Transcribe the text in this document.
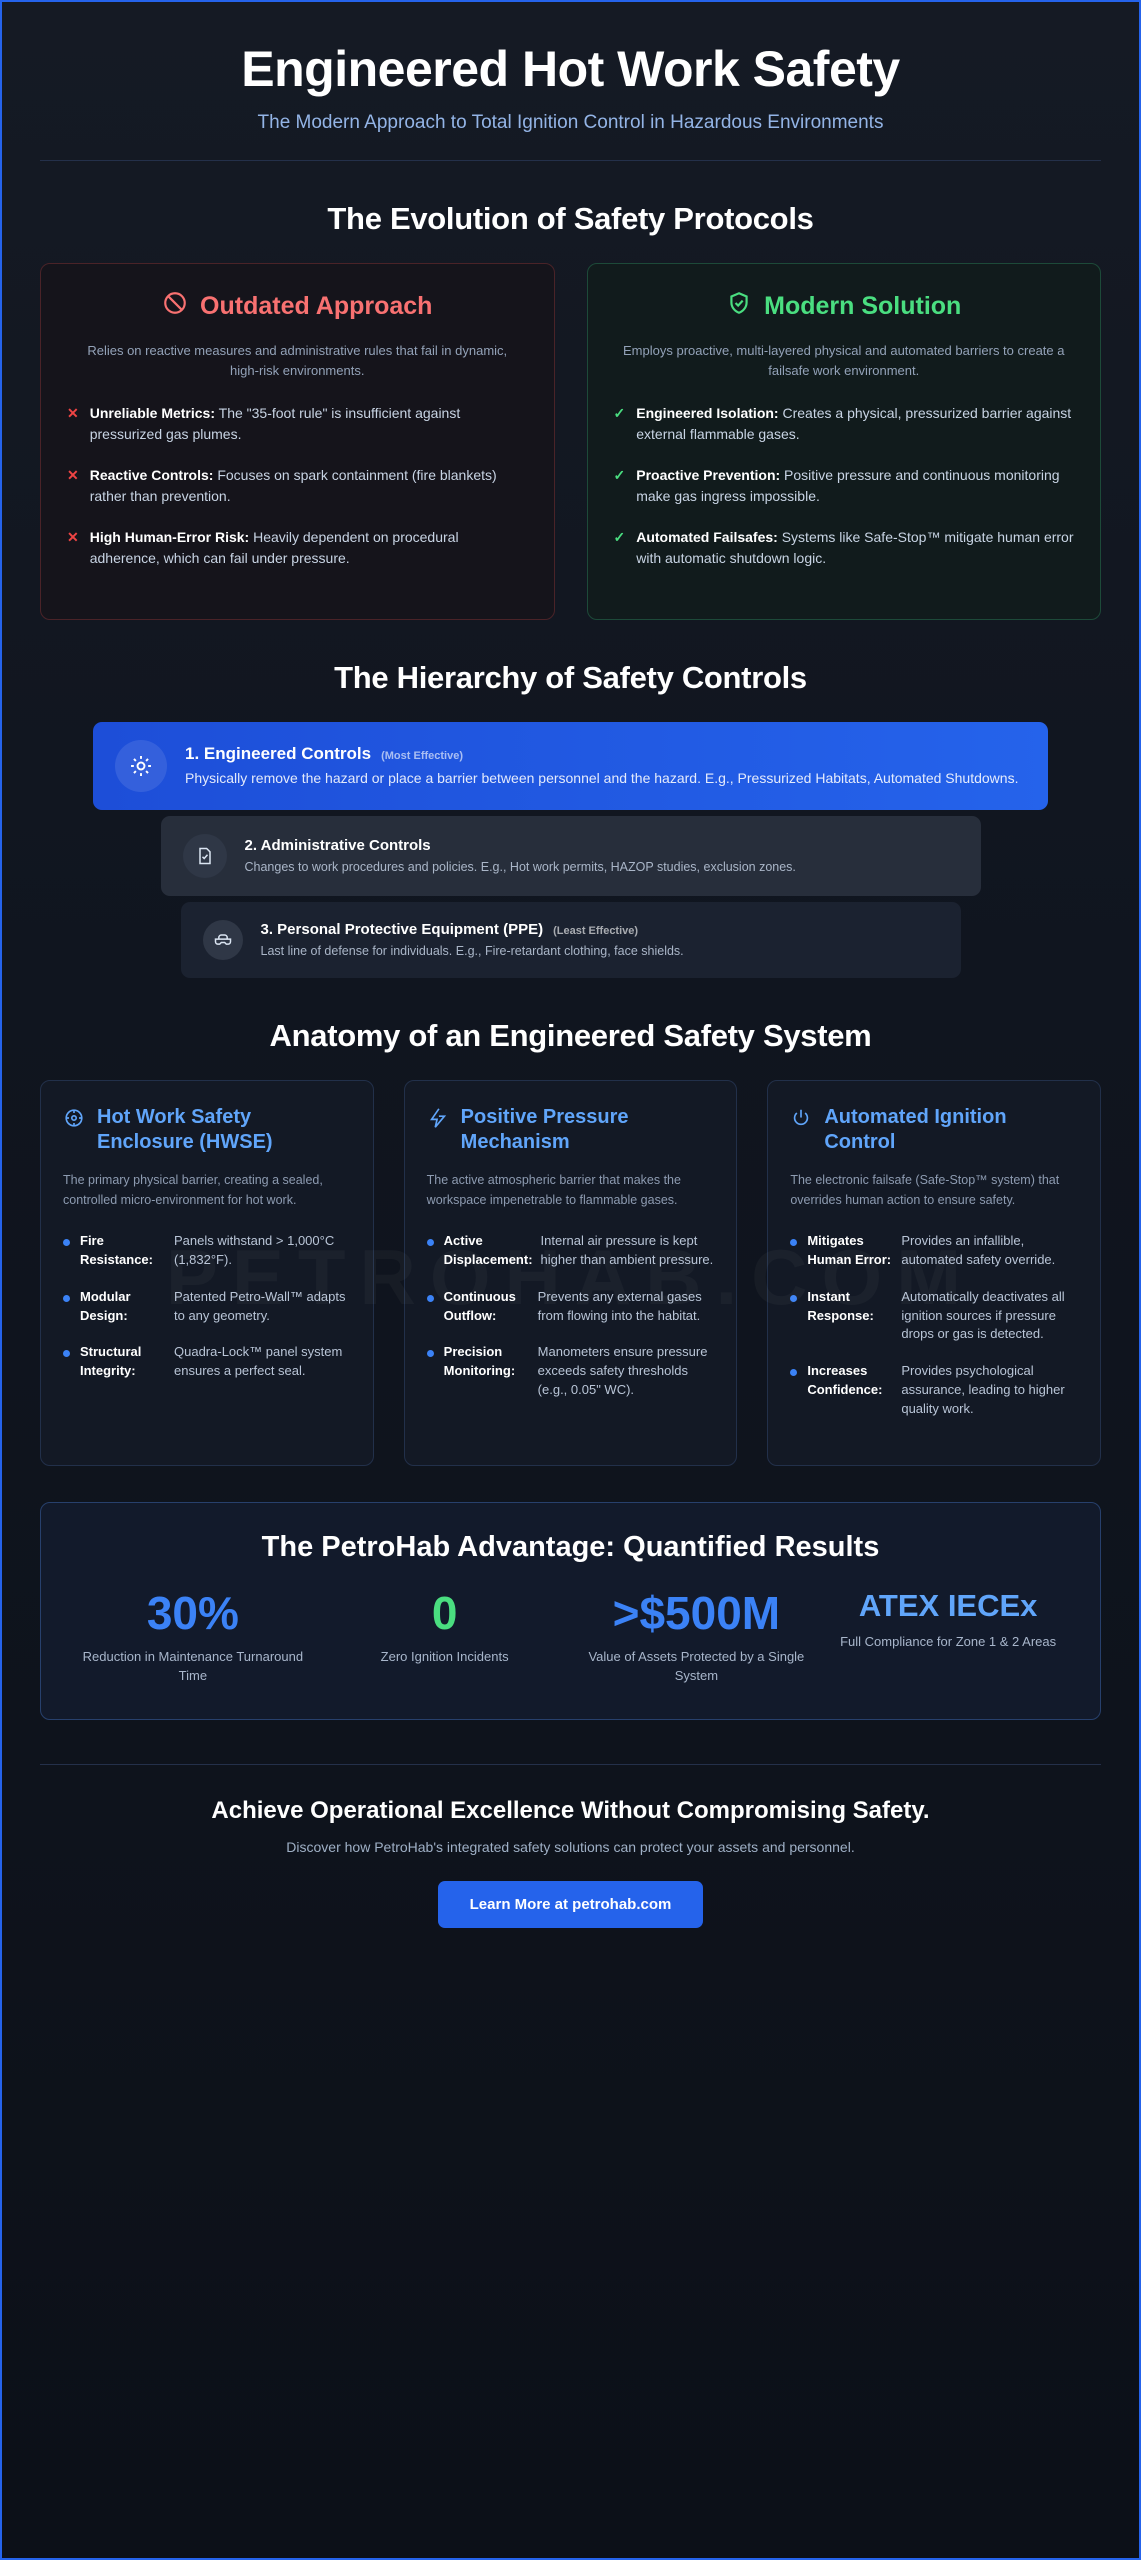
Engineered Hot Work Safety
The Modern Approach to Total Ignition Control in Hazardous Environments
The Evolution of Safety Protocols
Outdated Approach
Relies on reactive measures and administrative rules that fail in dynamic, high-risk environments.
✕ Unreliable Metrics: The "35-foot rule" is insufficient against pressurized gas plumes.
✕ Reactive Controls: Focuses on spark containment (fire blankets) rather than prevention.
✕ High Human-Error Risk: Heavily dependent on procedural adherence, which can fail under pressure.
Modern Solution
Employs proactive, multi-layered physical and automated barriers to create a failsafe work environment.
✓ Engineered Isolation: Creates a physical, pressurized barrier against external flammable gases.
✓ Proactive Prevention: Positive pressure and continuous monitoring make gas ingress impossible.
✓ Automated Failsafes: Systems like Safe-Stop™ mitigate human error with automatic shutdown logic.
The Hierarchy of Safety Controls
1. Engineered Controls (Most Effective)
Physically remove the hazard or place a barrier between personnel and the hazard. E.g., Pressurized Habitats, Automated Shutdowns.
2. Administrative Controls
Changes to work procedures and policies. E.g., Hot work permits, HAZOP studies, exclusion zones.
3. Personal Protective Equipment (PPE) (Least Effective)
Last line of defense for individuals. E.g., Fire-retardant clothing, face shields.
Anatomy of an Engineered Safety System
Hot Work Safety Enclosure (HWSE)
The primary physical barrier, creating a sealed, controlled micro-environment for hot work.
Fire Resistance:
Panels withstand > 1,000°C (1,832°F).
Modular Design:
Patented Petro-Wall™ adapts to any geometry.
Structural Integrity:
Quadra-Lock™ panel system ensures a perfect seal.
Positive Pressure Mechanism
The active atmospheric barrier that makes the workspace impenetrable to flammable gases.
Active Displacement:
Internal air pressure is kept higher than ambient pressure.
Continuous Outflow:
Prevents any external gases from flowing into the habitat.
Precision Monitoring:
Manometers ensure pressure exceeds safety thresholds (e.g., 0.05" WC).
Automated Ignition Control
The electronic failsafe (Safe-Stop™ system) that overrides human action to ensure safety.
Mitigates Human Error:
Provides an infallible, automated safety override.
Instant Response:
Automatically deactivates all ignition sources if pressure drops or gas is detected.
Increases Confidence:
Provides psychological assurance, leading to higher quality work.
The PetroHab Advantage: Quantified Results
30%
Reduction in Maintenance Turnaround Time
0
Zero Ignition Incidents
>$500M
Value of Assets Protected by a Single System
ATEX IECEx
Full Compliance for Zone 1 & 2 Areas
Achieve Operational Excellence Without Compromising Safety.

Discover how PetroHab's integrated safety solutions can protect your assets and personnel.

Learn More at petrohab.com
